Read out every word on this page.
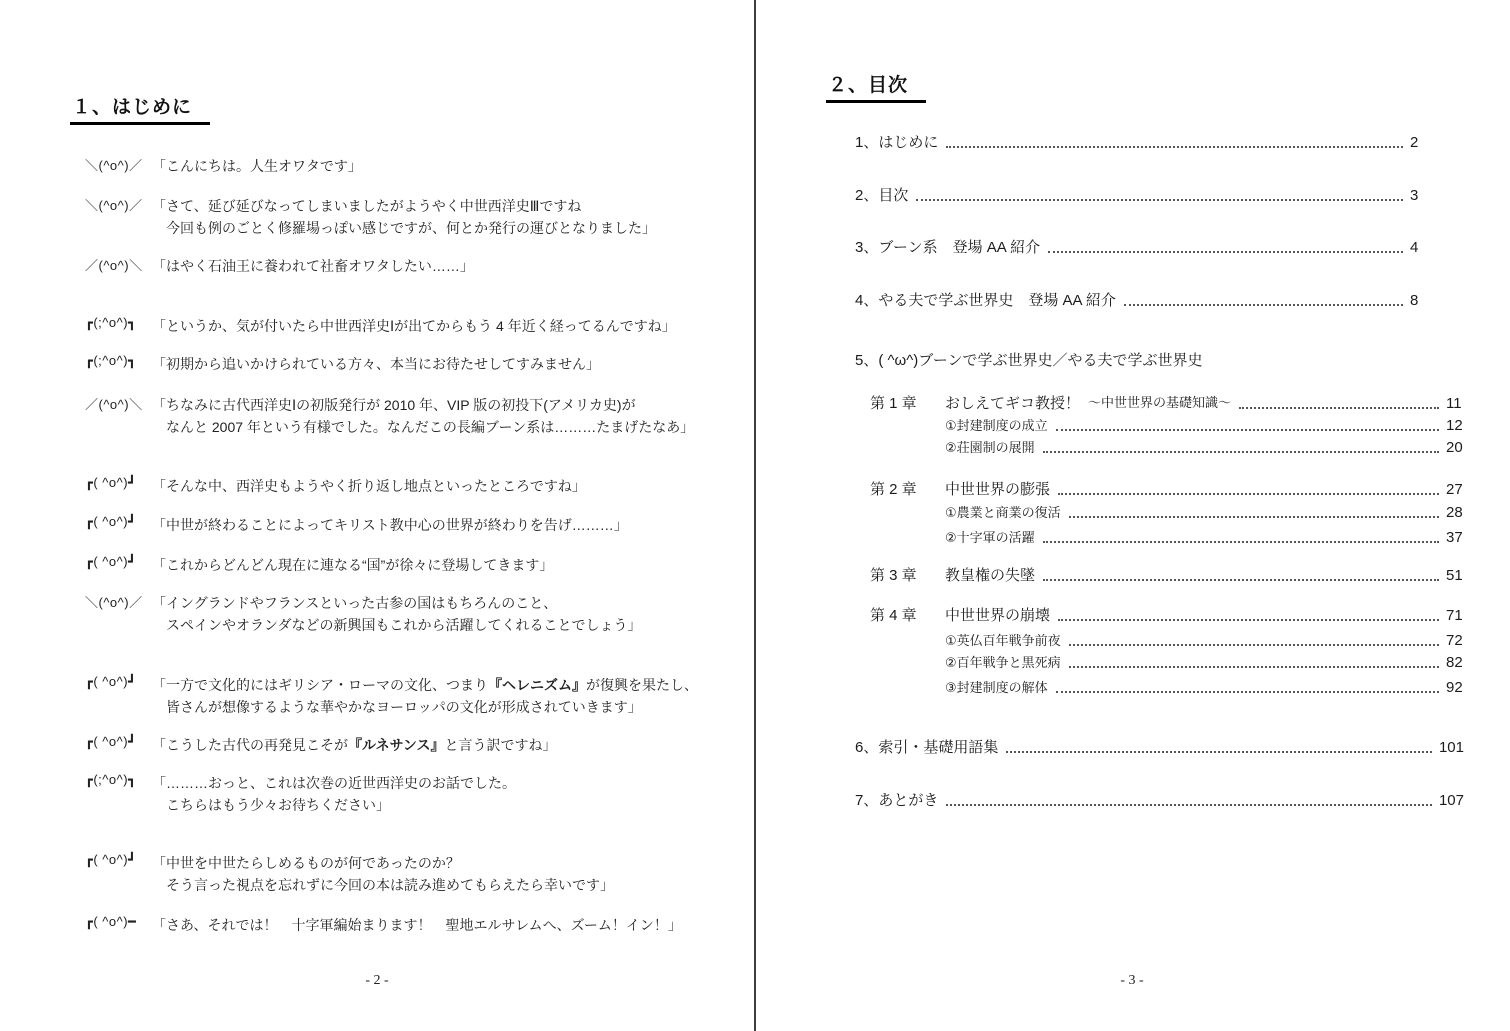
１、はじめに
＼(^o^)／ 「こんにちは。人生オワタです」
＼(^o^)／ 「さて、延び延びなってしまいましたがようやく中世西洋史Ⅲですね
今回も例のごとく修羅場っぽい感じですが、何とか発行の運びとなりました」
／(^o^)＼ 「はやく石油王に養われて社畜オワタしたい……」
┏(;^o^)┓	「というか、気が付いたら中世西洋史Ⅰが出てからもう 4 年近く経ってるんですね」
┏(;^o^)┓	「初期から追いかけられている方々、本当にお待たせしてすみません」
／(^o^)＼ 「ちなみに古代西洋史Ⅰの初版発行が 2010 年、VIP 版の初投下(アメリカ史)が
なんと 2007 年という有様でした。なんだこの長編ブーン系は………たまげたなあ」
┏( ^o^)┛	「そんな中、西洋史もようやく折り返し地点といったところですね」
┏( ^o^)┛	「中世が終わることによってキリスト教中心の世界が終わりを告げ………」
┏( ^o^)┛	「これからどんどん現在に連なる“国”が徐々に登場してきます」
＼(^o^)／ 「イングランドやフランスといった古参の国はもちろんのこと、
スペインやオランダなどの新興国もこれから活躍してくれることでしょう」
┏( ^o^)┛	「一方で文化的にはギリシア・ローマの文化、つまり『ヘレニズム』が復興を果たし、
皆さんが想像するような華やかなヨーロッパの文化が形成されていきます」
┏( ^o^)┛	「こうした古代の再発見こそが『ルネサンス』と言う訳ですね」
┏(;^o^)┓	「………おっと、これは次巻の近世西洋史のお話でした。
こちらはもう少々お待ちください」
┏( ^o^)┛	「中世を中世たらしめるものが何であったのか？
そう言った視点を忘れずに今回の本は読み進めてもらえたら幸いです」
┏( ^o^)━	「さあ、それでは！　十字軍編始まります！　聖地エルサレムへ、ズーム！イン！」
- 2 -
２、目次
1、はじめに	2
2、目次	3
3、ブーン系　登場 AA 紹介	4
4、やる夫で学ぶ世界史　登場 AA 紹介	8
5、( ^ω^)ブーンで学ぶ世界史／やる夫で学ぶ世界史
第 1 章	おしえてギコ教授！ ～中世世界の基礎知識～	11
①封建制度の成立	12
②荘園制の展開	20
第 2 章	中世世界の膨張	27
①農業と商業の復活	28
②十字軍の活躍	37
第 3 章	教皇権の失墜	51
第 4 章	中世世界の崩壊	71
①英仏百年戦争前夜	72
②百年戦争と黒死病	82
③封建制度の解体	92
6、索引・基礎用語集	101
7、あとがき	107
- 3 -
